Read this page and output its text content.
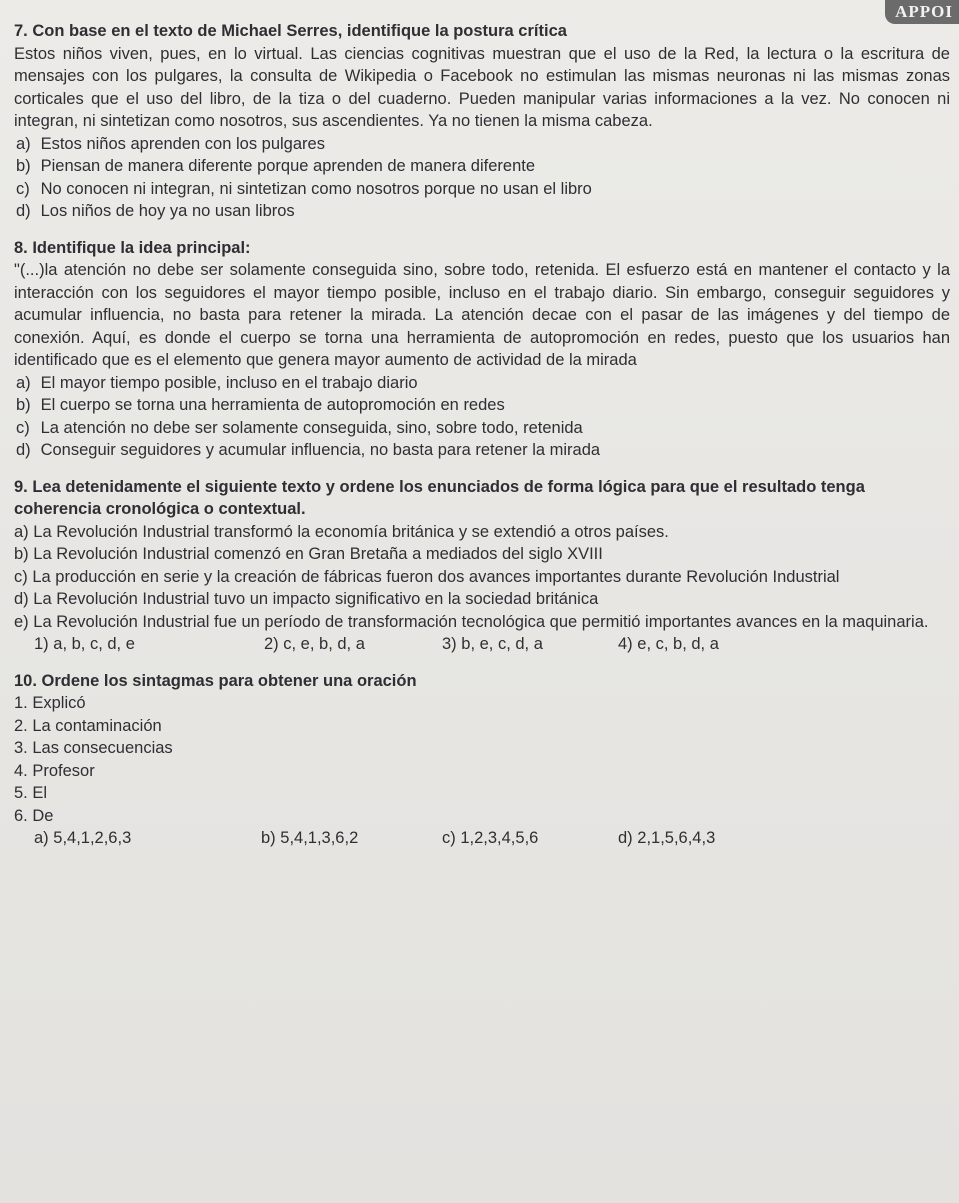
APPOI

7. Con base en el texto de Michael Serres, identifique la postura crítica

Estos niños viven, pues, en lo virtual. Las ciencias cognitivas muestran que el uso de la Red, la lectura o la escritura de mensajes con los pulgares, la consulta de Wikipedia o Facebook no estimulan las mismas neuronas ni las mismas zonas corticales que el uso del libro, de la tiza o del cuaderno. Pueden manipular varias informaciones a la vez. No conocen ni integran, ni sintetizan como nosotros, sus ascendientes. Ya no tienen la misma cabeza.

a) Estos niños aprenden con los pulgares

b) Piensan de manera diferente porque aprenden de manera diferente

c) No conocen ni integran, ni sintetizan como nosotros porque no usan el libro

d) Los niños de hoy ya no usan libros

8. Identifique la idea principal:

"(...)la atención no debe ser solamente conseguida sino, sobre todo, retenida. El esfuerzo está en mantener el contacto y la interacción con los seguidores el mayor tiempo posible, incluso en el trabajo diario. Sin embargo, conseguir seguidores y acumular influencia, no basta para retener la mirada. La atención decae con el pasar de las imágenes y del tiempo de conexión. Aquí, es donde el cuerpo se torna una herramienta de autopromoción en redes, puesto que los usuarios han identificado que es el elemento que genera mayor aumento de actividad de la mirada

a) El mayor tiempo posible, incluso en el trabajo diario

b) El cuerpo se torna una herramienta de autopromoción en redes

c) La atención no debe ser solamente conseguida, sino, sobre todo, retenida

d) Conseguir seguidores y acumular influencia, no basta para retener la mirada

9. Lea detenidamente el siguiente texto y ordene los enunciados de forma lógica para que el resultado tenga coherencia cronológica o contextual.

a) La Revolución Industrial transformó la economía británica y se extendió a otros países.

b) La Revolución Industrial comenzó en Gran Bretaña a mediados del siglo XVIII

c) La producción en serie y la creación de fábricas fueron dos avances importantes durante Revolución Industrial

d) La Revolución Industrial tuvo un impacto significativo en la sociedad británica

e) La Revolución Industrial fue un período de transformación tecnológica que permitió importantes avances en la maquinaria.

1) a, b, c, d, e	2) c, e, b, d, a	3) b, e, c, d, a	4) e, c, b, d, a

10. Ordene los sintagmas para obtener una oración

1. Explicó

2. La contaminación

3. Las consecuencias

4. Profesor

5. El

6. De

a) 5,4,1,2,6,3	b) 5,4,1,3,6,2	c) 1,2,3,4,5,6	d) 2,1,5,6,4,3
